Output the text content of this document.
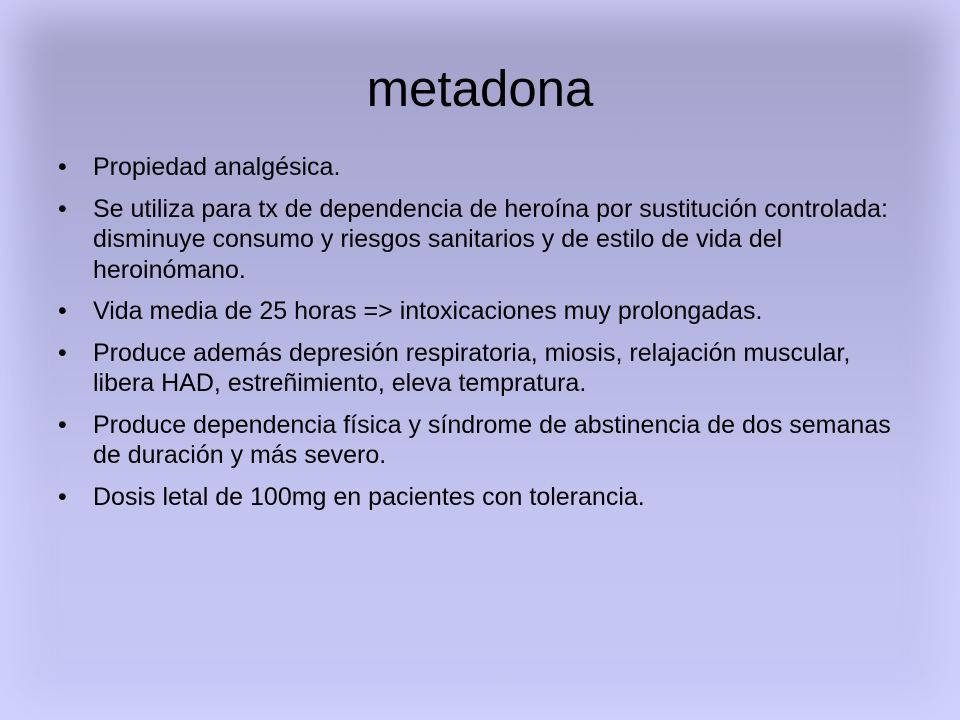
metadona
•	Propiedad analgésica.
•	Se utiliza para tx de dependencia de heroína por sustitución controlada: disminuye consumo y riesgos sanitarios y de estilo de vida del heroinómano.
•	Vida media de 25 horas => intoxicaciones muy prolongadas.
•	Produce además depresión respiratoria, miosis, relajación muscular, libera HAD, estreñimiento, eleva tempratura.
•	Produce dependencia física y síndrome de abstinencia de dos semanas de duración y más severo.
•	Dosis letal de 100mg en pacientes con tolerancia.
